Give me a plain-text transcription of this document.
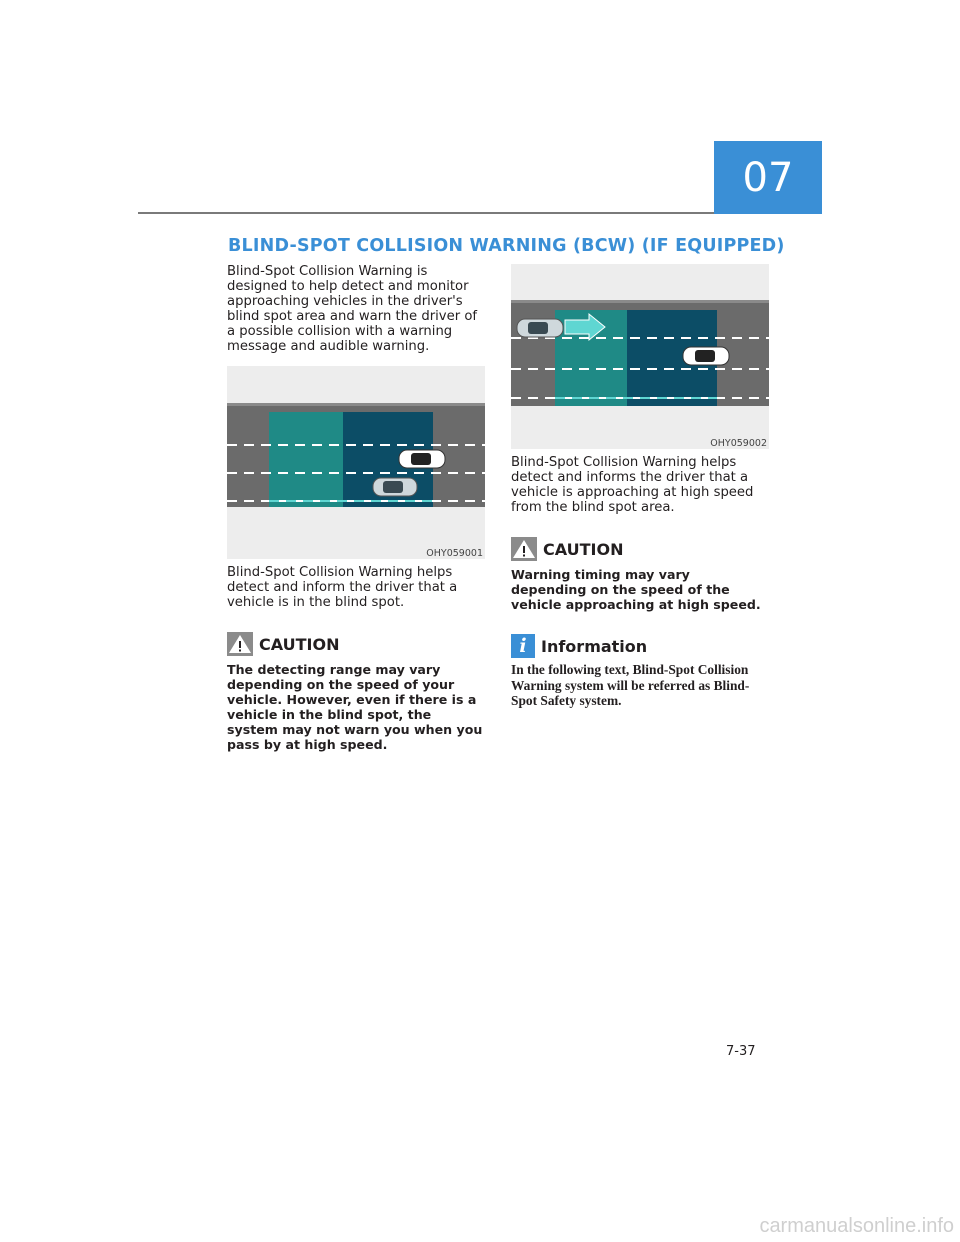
07
BLIND-SPOT COLLISION WARNING (BCW) (IF EQUIPPED)

Blind-Spot Collision Warning is designed to help detect and monitor approaching vehicles in the driver's blind spot area and warn the driver of a possible collision with a warning message and audible warning.

OHY059001

Blind-Spot Collision Warning helps detect and inform the driver that a vehicle is in the blind spot.

CAUTION

The detecting range may vary depending on the speed of your vehicle. However, even if there is a vehicle in the blind spot, the system may not warn you when you pass by at high speed.

OHY059002

Blind-Spot Collision Warning helps detect and informs the driver that a vehicle is approaching at high speed from the blind spot area.

CAUTION

Warning timing may vary depending on the speed of the vehicle approaching at high speed.

i Information

In the following text, Blind-Spot Collision Warning system will be referred as Blind-Spot Safety system.

7-37
carmanualsonline.info
